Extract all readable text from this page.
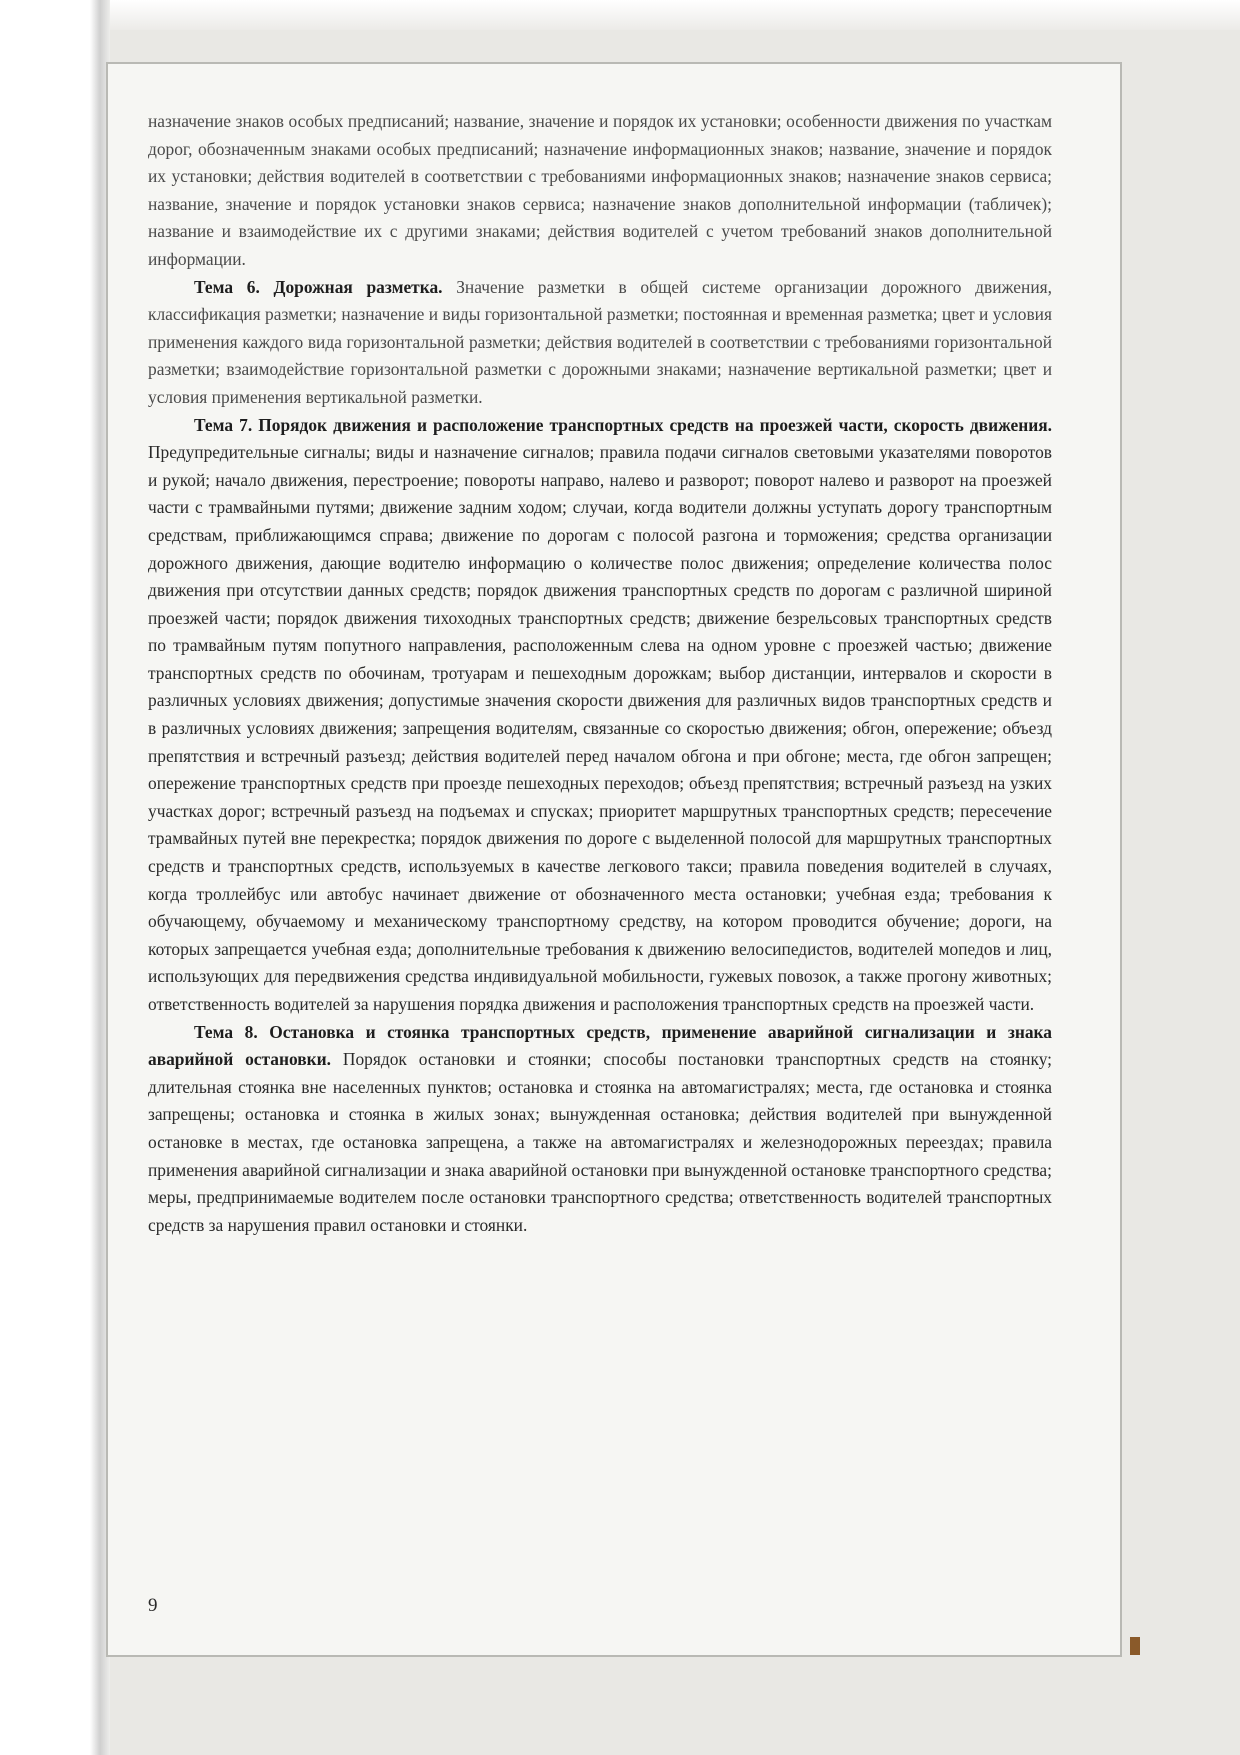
назначение знаков особых предписаний; название, значение и порядок их установки; особенности движения по участкам дорог, обозначенным знаками особых предписаний; назначение информационных знаков; название, значение и порядок их установки; действия водителей в соответствии с требованиями информационных знаков; назначение знаков сервиса; название, значение и порядок установки знаков сервиса; назначение знаков дополнительной информации (табличек); название и взаимодействие их с другими знаками; действия водителей с учетом требований знаков дополнительной информации.

Тема 6. Дорожная разметка. Значение разметки в общей системе организации дорожного движения, классификация разметки; назначение и виды горизонтальной разметки; постоянная и временная разметка; цвет и условия применения каждого вида горизонтальной разметки; действия водителей в соответствии с требованиями горизонтальной разметки; взаимодействие горизонтальной разметки с дорожными знаками; назначение вертикальной разметки; цвет и условия применения вертикальной разметки.

Тема 7. Порядок движения и расположение транспортных средств на проезжей части, скорость движения. Предупредительные сигналы; виды и назначение сигналов; правила подачи сигналов световыми указателями поворотов и рукой; начало движения, перестроение; повороты направо, налево и разворот; поворот налево и разворот на проезжей части с трамвайными путями; движение задним ходом; случаи, когда водители должны уступать дорогу транспортным средствам, приближающимся справа; движение по дорогам с полосой разгона и торможения; средства организации дорожного движения, дающие водителю информацию о количестве полос движения; определение количества полос движения при отсутствии данных средств; порядок движения транспортных средств по дорогам с различной шириной проезжей части; порядок движения тихоходных транспортных средств; движение безрельсовых транспортных средств по трамвайным путям попутного направления, расположенным слева на одном уровне с проезжей частью; движение транспортных средств по обочинам, тротуарам и пешеходным дорожкам; выбор дистанции, интервалов и скорости в различных условиях движения; допустимые значения скорости движения для различных видов транспортных средств и в различных условиях движения; запрещения водителям, связанные со скоростью движения; обгон, опережение; объезд препятствия и встречный разъезд; действия водителей перед началом обгона и при обгоне; места, где обгон запрещен; опережение транспортных средств при проезде пешеходных переходов; объезд препятствия; встречный разъезд на узких участках дорог; встречный разъезд на подъемах и спусках; приоритет маршрутных транспортных средств; пересечение трамвайных путей вне перекрестка; порядок движения по дороге с выделенной полосой для маршрутных транспортных средств и транспортных средств, используемых в качестве легкового такси; правила поведения водителей в случаях, когда троллейбус или автобус начинает движение от обозначенного места остановки; учебная езда; требования к обучающему, обучаемому и механическому транспортному средству, на котором проводится обучение; дороги, на которых запрещается учебная езда; дополнительные требования к движению велосипедистов, водителей мопедов и лиц, использующих для передвижения средства индивидуальной мобильности, гужевых повозок, а также прогону животных; ответственность водителей за нарушения порядка движения и расположения транспортных средств на проезжей части.

Тема 8. Остановка и стоянка транспортных средств, применение аварийной сигнализации и знака аварийной остановки. Порядок остановки и стоянки; способы постановки транспортных средств на стоянку; длительная стоянка вне населенных пунктов; остановка и стоянка на автомагистралях; места, где остановка и стоянка запрещены; остановка и стоянка в жилых зонах; вынужденная остановка; действия водителей при вынужденной остановке в местах, где остановка запрещена, а также на автомагистралях и железнодорожных переездах; правила применения аварийной сигнализации и знака аварийной остановки при вынужденной остановке транспортного средства; меры, предпринимаемые водителем после остановки транспортного средства; ответственность водителей транспортных средств за нарушения правил остановки и стоянки.

9
